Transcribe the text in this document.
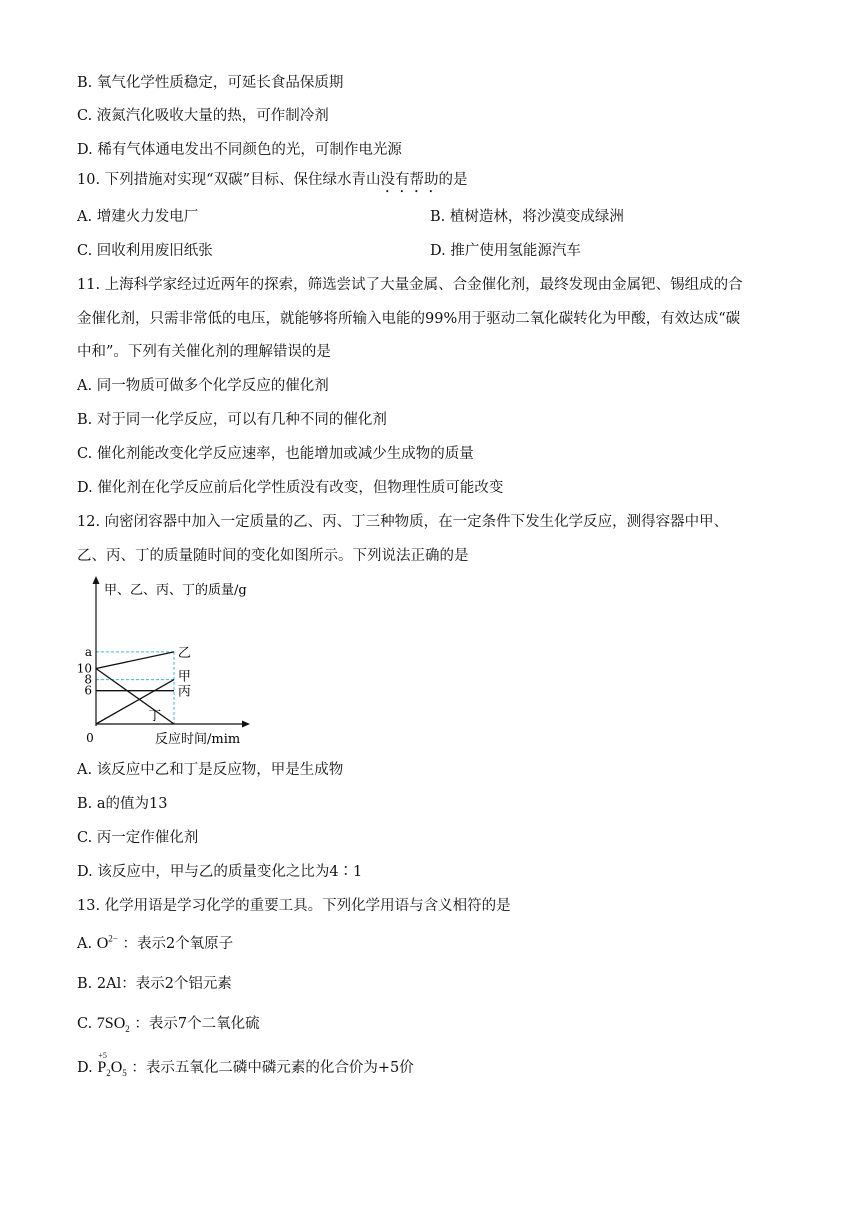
B. 氧气化学性质稳定，可延长食品保质期
C. 液氮汽化吸收大量的热，可作制冷剂
D. 稀有气体通电发出不同颜色的光，可制作电光源
10. 下列措施对实现“双碳”目标、保住绿水青山没有帮助的是
A. 增建火力发电厂	B. 植树造林，将沙漠变成绿洲
C. 回收利用废旧纸张	D. 推广使用氢能源汽车
11. 上海科学家经过近两年的探索，筛选尝试了大量金属、合金催化剂，最终发现由金属钯、锡组成的合
金催化剂，只需非常低的电压，就能够将所输入电能的99%用于驱动二氧化碳转化为甲酸，有效达成“碳
中和”。下列有关催化剂的理解错误的是
A. 同一物质可做多个化学反应的催化剂
B. 对于同一化学反应，可以有几种不同的催化剂
C. 催化剂能改变化学反应速率，也能增加或减少生成物的质量
D. 催化剂在化学反应前后化学性质没有改变，但物理性质可能改变
12. 向密闭容器中加入一定质量的乙、丙、丁三种物质，在一定条件下发生化学反应，测得容器中甲、
乙、丙、丁的质量随时间的变化如图所示。下列说法正确的是
a
10
8
6
0
乙
甲
丙
丁
甲、乙、丙、丁的质量/g
反应时间/mim
A. 该反应中乙和丁是反应物，甲是生成物
B. a的值为13
C. 丙一定作催化剂
D. 该反应中，甲与乙的质量变化之比为4∶1
13. 化学用语是学习化学的重要工具。下列化学用语与含义相符的是
A. $O^{2-}$ ：表示2个氧原子
B. 2Al：表示2个铝元素
C. $7SO_2$ ：表示7个二氧化硫
D.
+5
$P_2O_5$ ：表示五氧化二磷中磷元素的化合价为+5价
